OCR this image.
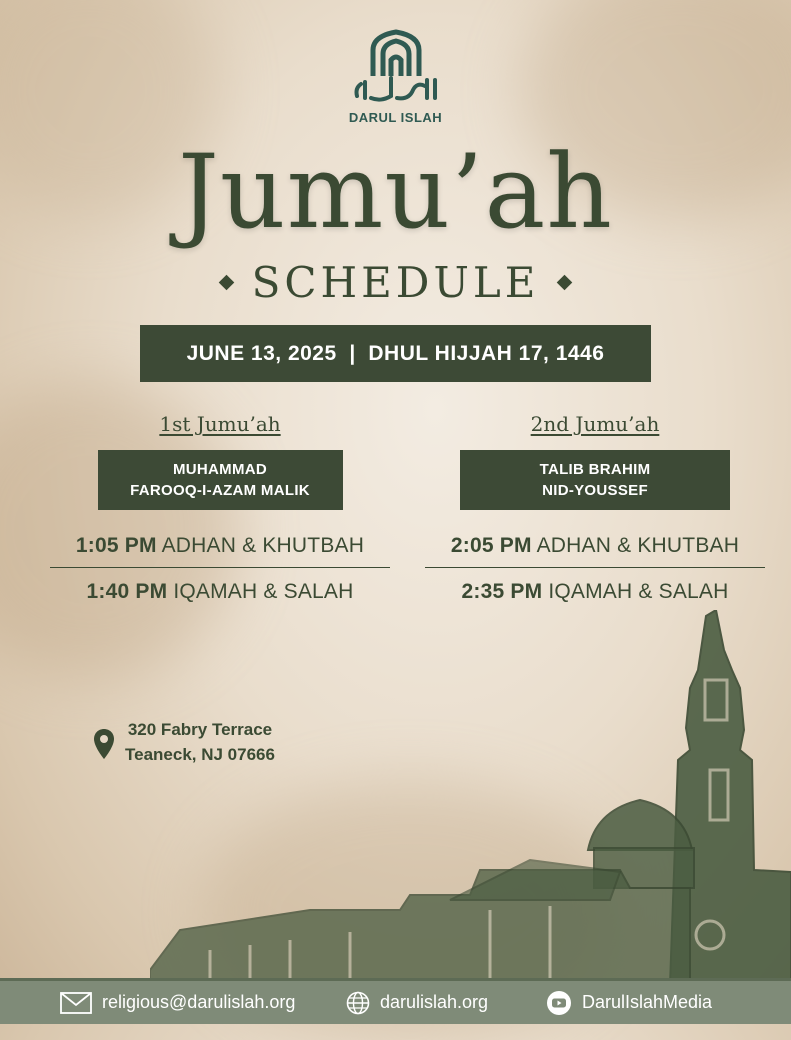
DARUL ISLAH
Jumu’ah
SCHEDULE
JUNE 13, 2025  |  DHUL HIJJAH 17, 1446
1st Jumu’ah
MUHAMMAD
FAROOQ-I-AZAM MALIK
1:05 PM ADHAN & KHUTBAH
1:40 PM IQAMAH & SALAH
2nd Jumu’ah
TALIB BRAHIM
NID-YOUSSEF
2:05 PM ADHAN & KHUTBAH
2:35 PM IQAMAH & SALAH
320 Fabry Terrace
Teaneck, NJ 07666
religious@darulislah.org	darulislah.org	DarulIslahMedia
